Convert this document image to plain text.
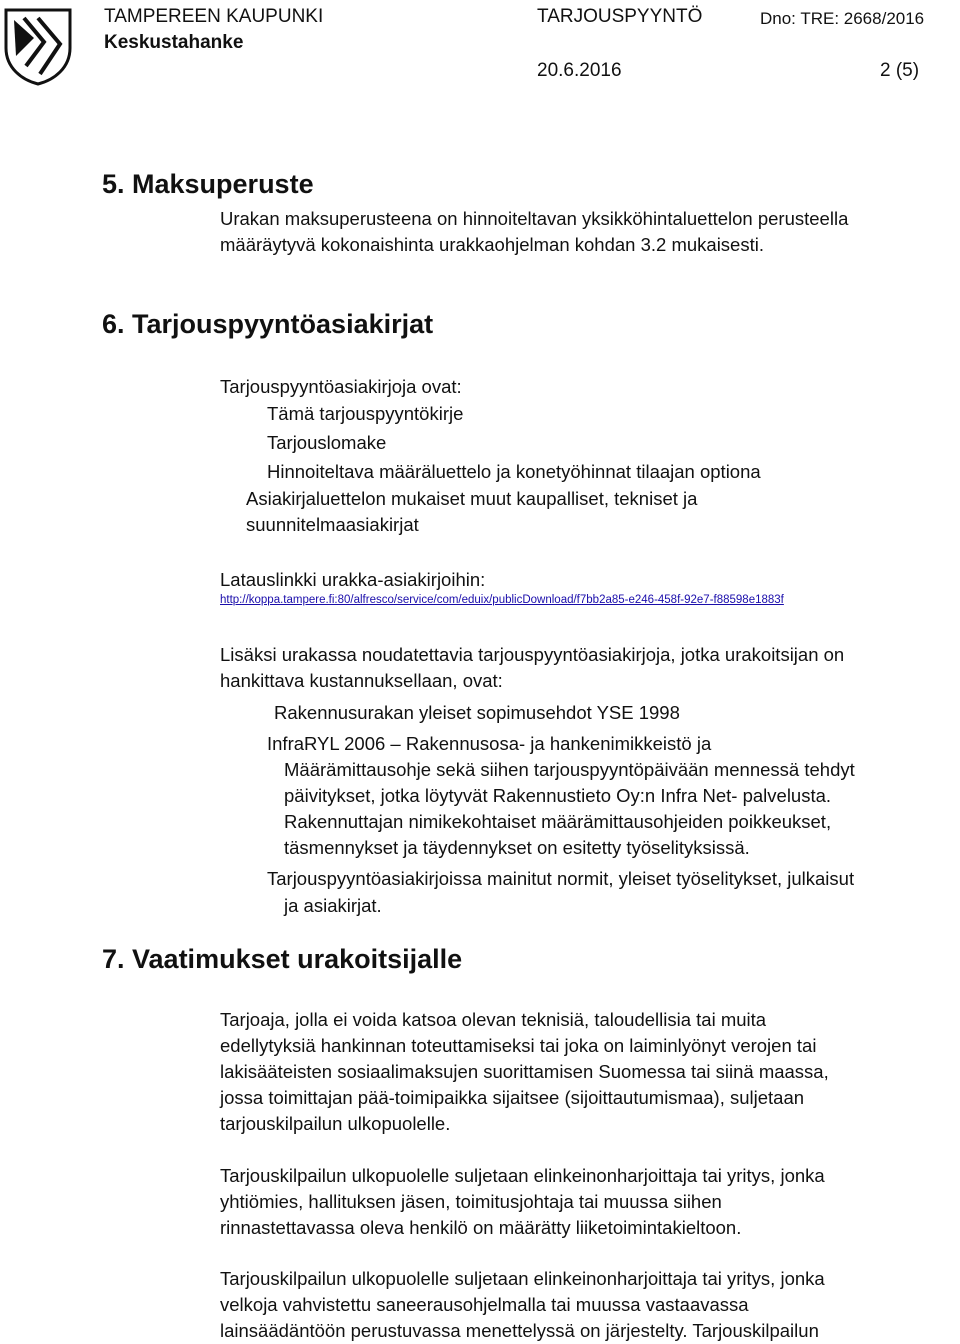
TAMPEREEN KAUPUNKI
Keskustahanke
TARJOUSPYYNTÖ	Dno: TRE: 2668/2016
20.6.2016	2 (5)
5. Maksuperuste
Urakan maksuperusteena on hinnoiteltavan yksikköhintaluettelon perusteella
määräytyvä kokonaishinta urakkaohjelman kohdan 3.2 mukaisesti.
6. Tarjouspyyntöasiakirjat
Tarjouspyyntöasiakirjoja ovat:
Tämä tarjouspyyntökirje
Tarjouslomake
Hinnoiteltava määräluettelo ja konetyöhinnat tilaajan optiona
Asiakirjaluettelon mukaiset muut kaupalliset, tekniset ja
suunnitelmaasiakirjat
Latauslinkki urakka-asiakirjoihin:
http://koppa.tampere.fi:80/alfresco/service/com/eduix/publicDownload/f7bb2a85-e246-458f-92e7-f88598e1883f
Lisäksi urakassa noudatettavia tarjouspyyntöasiakirjoja, jotka urakoitsijan on
hankittava kustannuksellaan, ovat:
Rakennusurakan yleiset sopimusehdot YSE 1998
InfraRYL 2006 – Rakennusosa- ja hankenimikkeistö ja
Määrämittausohje sekä siihen tarjouspyyntöpäivään mennessä tehdyt
päivitykset, jotka löytyvät Rakennustieto Oy:n Infra Net- palvelusta.
Rakennuttajan nimikekohtaiset määrämittausohjeiden poikkeukset,
täsmennykset ja täydennykset on esitetty työselityksissä.
Tarjouspyyntöasiakirjoissa mainitut normit, yleiset työselitykset, julkaisut
ja asiakirjat.
7. Vaatimukset urakoitsijalle
Tarjoaja, jolla ei voida katsoa olevan teknisiä, taloudellisia tai muita
edellytyksiä hankinnan toteuttamiseksi tai joka on laiminlyönyt verojen tai
lakisääteisten sosiaalimaksujen suorittamisen Suomessa tai siinä maassa,
jossa toimittajan pää-toimipaikka sijaitsee (sijoittautumismaa), suljetaan
tarjouskilpailun ulkopuolelle.
Tarjouskilpailun ulkopuolelle suljetaan elinkeinonharjoittaja tai yritys, jonka
yhtiömies, hallituksen jäsen, toimitusjohtaja tai muussa siihen
rinnastettavassa oleva henkilö on määrätty liiketoimintakieltoon.
Tarjouskilpailun ulkopuolelle suljetaan elinkeinonharjoittaja tai yritys, jonka
velkoja vahvistettu saneerausohjelmalla tai muussa vastaavassa
lainsäädäntöön perustuvassa menettelyssä on järjestelty. Tarjouskilpailun
